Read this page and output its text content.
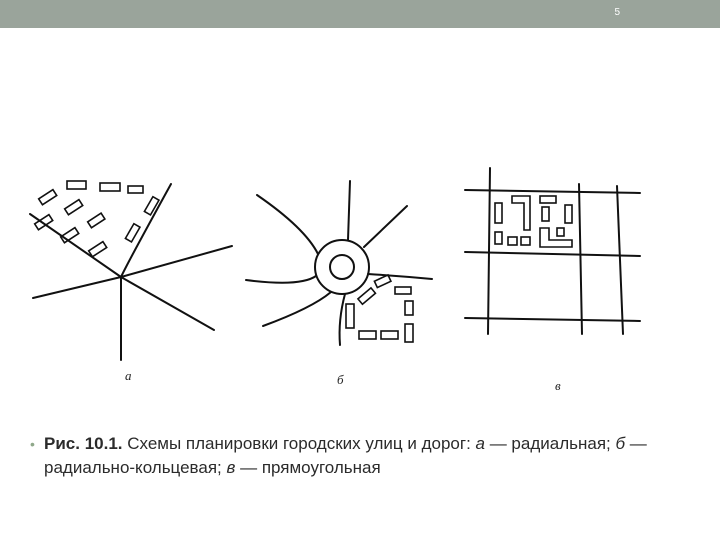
5
а	б	в
• Рис. 10.1. Схемы планировки городских улиц и дорог: а — радиальная; б — радиально-кольцевая; в — прямоугольная
